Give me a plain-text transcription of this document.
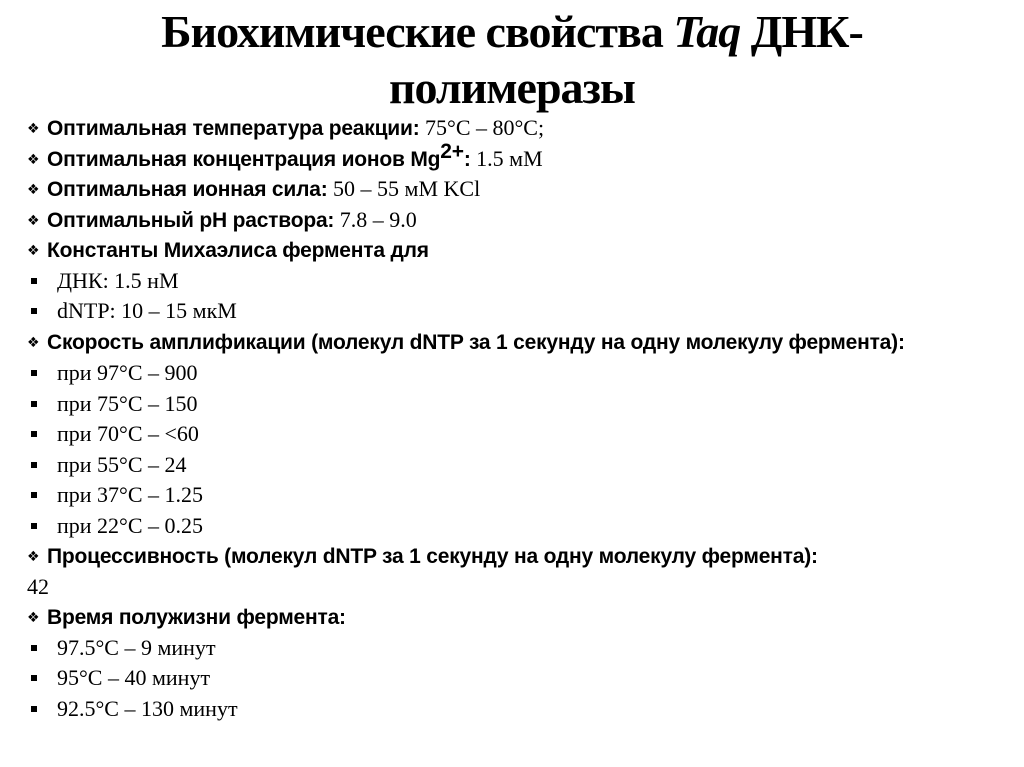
Биохимические свойства Taq ДНК-
полимеразы
❖ Оптимальная температура реакции: 75°C – 80°C;
❖ Оптимальная концентрация ионов $Mg^{2+}$: 1.5 мМ
❖ Оптимальная ионная сила: 50 – 55 мМ KCl
❖ Оптимальный pH раствора: 7.8 – 9.0
❖ Константы Михаэлиса фермента для
ДНК: 1.5 нМ
dNTP: 10 – 15 мкМ
❖ Скорость амплификации (молекул dNTP за 1 секунду на одну молекулу фермента):
при 97°C – 900
при 75°C – 150
при 70°C – <60
при 55°C – 24
при 37°C – 1.25
при 22°C – 0.25
❖ Процессивность (молекул dNTP за 1 секунду на одну молекулу фермента):
42
❖ Время полужизни фермента:
97.5°C – 9 минут
95°C – 40 минут
92.5°C – 130 минут
